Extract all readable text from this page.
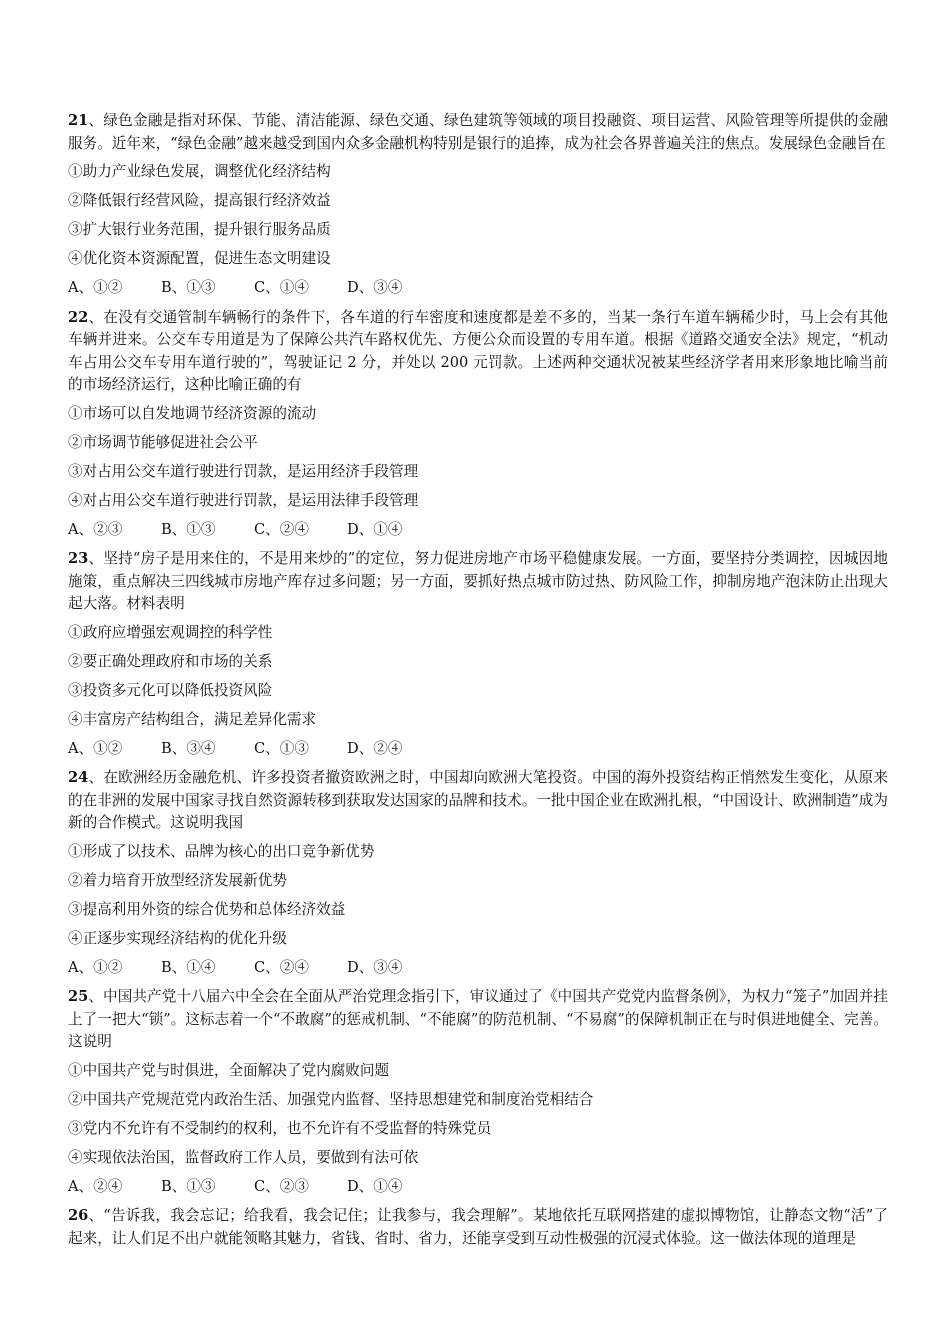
21、绿色金融是指对环保、节能、清洁能源、绿色交通、绿色建筑等领域的项目投融资、项目运营、风险管理等所提供的金融服务。近年来，“绿色金融”越来越受到国内众多金融机构特别是银行的追捧，成为社会各界普遍关注的焦点。发展绿色金融旨在

①助力产业绿色发展，调整优化经济结构

②降低银行经营风险，提高银行经济效益

③扩大银行业务范围，提升银行服务品质

④优化资本资源配置，促进生态文明建设

A、①②	B、①③	C、①④	D、③④

22、在没有交通管制车辆畅行的条件下，各车道的行车密度和速度都是差不多的，当某一条行车道车辆稀少时，马上会有其他车辆并进来。公交车专用道是为了保障公共汽车路权优先、方便公众而设置的专用车道。根据《道路交通安全法》规定，“机动车占用公交车专用车道行驶的”，驾驶证记 2 分，并处以 200 元罚款。上述两种交通状况被某些经济学者用来形象地比喻当前的市场经济运行，这种比喻正确的有

①市场可以自发地调节经济资源的流动

②市场调节能够促进社会公平

③对占用公交车道行驶进行罚款，是运用经济手段管理

④对占用公交车道行驶进行罚款，是运用法律手段管理

A、②③	B、①③	C、②④	D、①④

23、坚持“房子是用来住的，不是用来炒的”的定位，努力促进房地产市场平稳健康发展。一方面，要坚持分类调控，因城因地施策，重点解决三四线城市房地产库存过多问题；另一方面，要抓好热点城市防过热、防风险工作，抑制房地产泡沫防止出现大起大落。材料表明

①政府应增强宏观调控的科学性

②要正确处理政府和市场的关系

③投资多元化可以降低投资风险

④丰富房产结构组合，满足差异化需求

A、①②	B、③④	C、①③	D、②④

24、在欧洲经历金融危机、许多投资者撤资欧洲之时，中国却向欧洲大笔投资。中国的海外投资结构正悄然发生变化，从原来的在非洲的发展中国家寻找自然资源转移到获取发达国家的品牌和技术。一批中国企业在欧洲扎根，“中国设计、欧洲制造”成为新的合作模式。这说明我国

①形成了以技术、品牌为核心的出口竞争新优势

②着力培育开放型经济发展新优势

③提高利用外资的综合优势和总体经济效益

④正逐步实现经济结构的优化升级

A、①②	B、①④	C、②④	D、③④

25、中国共产党十八届六中全会在全面从严治党理念指引下，审议通过了《中国共产党党内监督条例》，为权力“笼子”加固并挂上了一把大“锁”。这标志着一个“不敢腐”的惩戒机制、“不能腐”的防范机制、“不易腐”的保障机制正在与时俱进地健全、完善。这说明

①中国共产党与时俱进，全面解决了党内腐败问题

②中国共产党规范党内政治生活、加强党内监督、坚持思想建党和制度治党相结合

③党内不允许有不受制约的权利，也不允许有不受监督的特殊党员

④实现依法治国，监督政府工作人员，要做到有法可依

A、②④	B、①③	C、②③	D、①④

26、“告诉我，我会忘记；给我看，我会记住；让我参与，我会理解”。某地依托互联网搭建的虚拟博物馆，让静态文物“活”了起来，让人们足不出户就能领略其魅力，省钱、省时、省力，还能享受到互动性极强的沉浸式体验。这一做法体现的道理是
